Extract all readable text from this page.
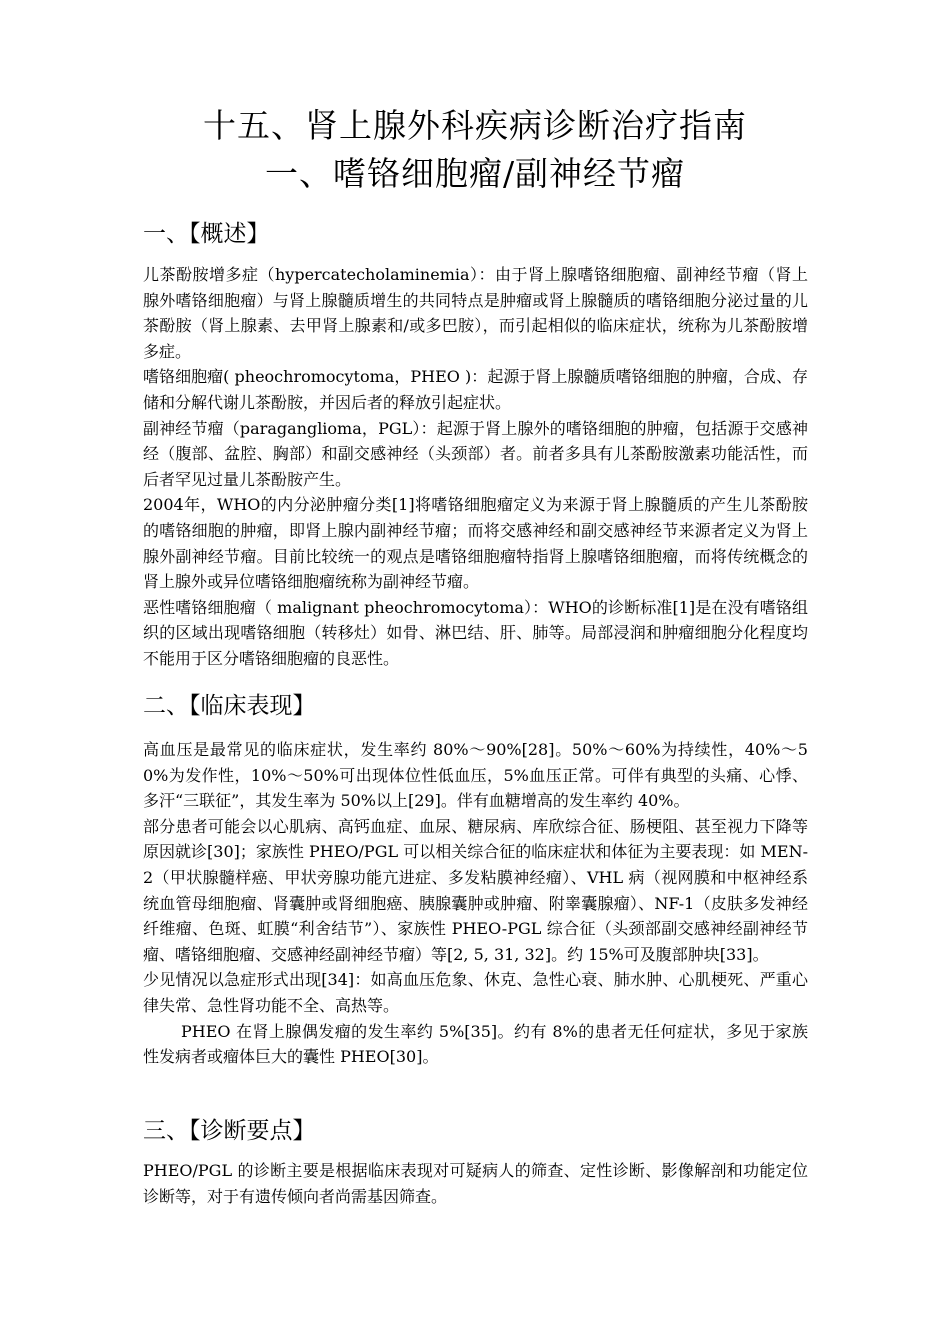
十五、肾上腺外科疾病诊断治疗指南
一、嗜铬细胞瘤/副神经节瘤
一、【概述】

儿茶酚胺增多症（hypercatecholaminemia）：由于肾上腺嗜铬细胞瘤、副神经节瘤（肾上腺外嗜铬细胞瘤）与肾上腺髓质增生的共同特点是肿瘤或肾上腺髓质的嗜铬细胞分泌过量的儿茶酚胺（肾上腺素、去甲肾上腺素和/或多巴胺），而引起相似的临床症状，统称为儿茶酚胺增多症。

嗜铬细胞瘤( pheochromocytoma，PHEO )：起源于肾上腺髓质嗜铬细胞的肿瘤，合成、存储和分解代谢儿茶酚胺，并因后者的释放引起症状。

副神经节瘤（paraganglioma，PGL）：起源于肾上腺外的嗜铬细胞的肿瘤，包括源于交感神经（腹部、盆腔、胸部）和副交感神经（头颈部）者。前者多具有儿茶酚胺激素功能活性，而后者罕见过量儿茶酚胺产生。

2004年，WHO的内分泌肿瘤分类[1]将嗜铬细胞瘤定义为来源于肾上腺髓质的产生儿茶酚胺的嗜铬细胞的肿瘤，即肾上腺内副神经节瘤；而将交感神经和副交感神经节来源者定义为肾上腺外副神经节瘤。目前比较统一的观点是嗜铬细胞瘤特指肾上腺嗜铬细胞瘤，而将传统概念的肾上腺外或异位嗜铬细胞瘤统称为副神经节瘤。

恶性嗜铬细胞瘤（ malignant pheochromocytoma）：WHO的诊断标准[1]是在没有嗜铬组织的区域出现嗜铬细胞（转移灶）如骨、淋巴结、肝、肺等。局部浸润和肿瘤细胞分化程度均不能用于区分嗜铬细胞瘤的良恶性。

二、【临床表现】

高血压是最常见的临床症状，发生率约 80%～90%[28]。50%～60%为持续性，40%～50%为发作性，10%～50%可出现体位性低血压，5%血压正常。可伴有典型的头痛、心悸、多汗“三联征”，其发生率为 50%以上[29]。伴有血糖增高的发生率约 40%。

部分患者可能会以心肌病、高钙血症、血尿、糖尿病、库欣综合征、肠梗阻、甚至视力下降等原因就诊[30]；家族性 PHEO/PGL 可以相关综合征的临床症状和体征为主要表现：如 MEN-2（甲状腺髓样癌、甲状旁腺功能亢进症、多发粘膜神经瘤）、VHL 病（视网膜和中枢神经系统血管母细胞瘤、肾囊肿或肾细胞癌、胰腺囊肿或肿瘤、附睾囊腺瘤）、NF-1（皮肤多发神经纤维瘤、色斑、虹膜“利舍结节”）、家族性 PHEO-PGL 综合征（头颈部副交感神经副神经节瘤、嗜铬细胞瘤、交感神经副神经节瘤）等[2, 5, 31, 32]。约 15%可及腹部肿块[33]。

少见情况以急症形式出现[34]：如高血压危象、休克、急性心衰、肺水肿、心肌梗死、严重心律失常、急性肾功能不全、高热等。

PHEO 在肾上腺偶发瘤的发生率约 5%[35]。约有 8%的患者无任何症状，多见于家族性发病者或瘤体巨大的囊性 PHEO[30]。

三、【诊断要点】

PHEO/PGL 的诊断主要是根据临床表现对可疑病人的筛查、定性诊断、影像解剖和功能定位诊断等，对于有遗传倾向者尚需基因筛查。
